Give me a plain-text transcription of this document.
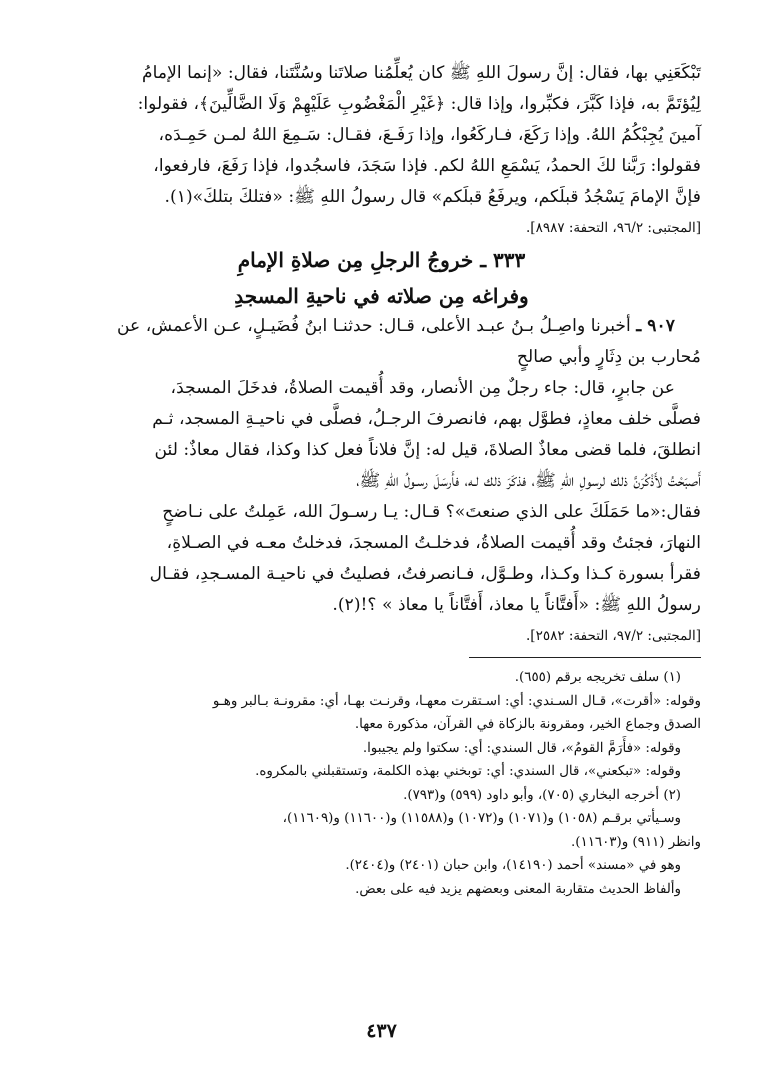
تَبْكَعَنِي بها، فقال: إنَّ رسولَ اللهِ ﷺ كان يُعلِّمُنا صلاتَنا وسُنَّتَنا، فقال: «إنما الإمامُ

لِيُؤتَمَّ به، فإذا كَبَّرَ، فكبِّروا، وإذا قال: ﴿غَيْرِ الْمَغْضُوبِ عَلَيْهِمْ وَلَا الضَّالِّينَ﴾، فقولوا:

آمينَ يُجِبْكُمُ اللهُ. وإذا رَكَعَ، فـاركَعُوا، وإذا رَفَـعَ، فقـال: سَـمِعَ اللهُ لمـن حَمِـدَه،

فقولوا: رَبَّنا لكَ الحمدُ، يَسْمَعِ اللهُ لكم. فإذا سَجَدَ، فاسجُدوا، فإذا رَفَعَ، فارفعوا،

فإنَّ الإمامَ يَسْجُدُ قبلَكم، ويرفَعُ قبلَكم» قال رسولُ اللهِ ﷺ: «فتلكَ بتلكَ»(١).

[المجتبى: ٩٦/٢، التحفة: ٨٩٨٧].

٣٣٣ ـ خروجُ الرجلِ مِن صلاةِ الإمامِ

وفراغه مِن صلاته في ناحيةِ المسجدِ

٩٠٧ ـ أخبرنا واصِـلُ بـنُ عبـد الأعلى، قـال: حدثنـا ابنُ فُضَيـلٍ، عـن الأعمش، عن

مُحارب بن دِثَارٍ وأبي صالحٍ

عن جابرٍ، قال: جاء رجلٌ مِن الأنصار، وقد أُقيمت الصلاةُ، فدخَلَ المسجدَ،

فصلَّى خلف معاذٍ، فطوَّل بهم، فانصرفَ الرجـلُ، فصلَّى في ناحيـةِ المسجد، ثـم

انطلقَ، فلما قضى معاذٌ الصلاةَ، قيل له: إنَّ فلاناً فعل كذا وكذا، فقال معاذٌ: لئن

أَصبَحْتُ لأَذْكُرَنَّ ذلك لرسولِ اللهِ ﷺ، فذكَرَ ذلك لـه، فأَرسَلَ رسـولُ اللهِ ﷺ،

فقال:«ما حَمَلَكَ على الذي صنعتَ»؟ قـال: يـا رسـولَ الله، عَمِلتُ على نـاضحٍ

النهارَ، فجئتُ وقد أُقيمت الصلاةُ، فدخلـتُ المسجدَ، فدخلتُ معـه في الصـلاةِ،

فقرأ بسورة كـذا وكـذا، وطـوَّل، فـانصرفتُ، فصليتُ في ناحيـة المسـجدِ، فقـال

رسولُ اللهِ ﷺ: «أَفتَّاناً يا معاذ، أَفتَّاناً يا معاذ » ؟!(٢).

[المجتبى: ٩٧/٢، التحفة: ٢٥٨٢].

(١) سلف تخريجه برقم (٦٥٥).

وقوله: «أقرت»، قـال السـندي: أي: اسـتقرت معهـا، وقرنـت بهـا، أي: مقرونـة بـالبر وهـو

الصدق وجماع الخير، ومقرونة بالزكاة في القرآن، مذكورة معها.

وقوله: «فأَرَمَّ القومُ»، قال السندي: أي: سكتوا ولم يجيبوا.

وقوله: «تبكعني»، قال السندي: أي: توبخني بهذه الكلمة، وتستقبلني بالمكروه.

(٢) أخرجه البخاري (٧٠٥)، وأبو داود (٥٩٩) و(٧٩٣).

وسـيأتي برقـم (١٠٥٨) و(١٠٧١) و(١٠٧٢) و(١١٥٨٨) و(١١٦٠٠) و(١١٦٠٩)،

وانظر (٩١١) و(١١٦٠٣).

وهو في «مسند» أحمد (١٤١٩٠)، وابن حبان (٢٤٠١) و(٢٤٠٤).

وألفاظ الحديث متقاربة المعنى وبعضهم يزيد فيه على بعض.

٤٣٧
